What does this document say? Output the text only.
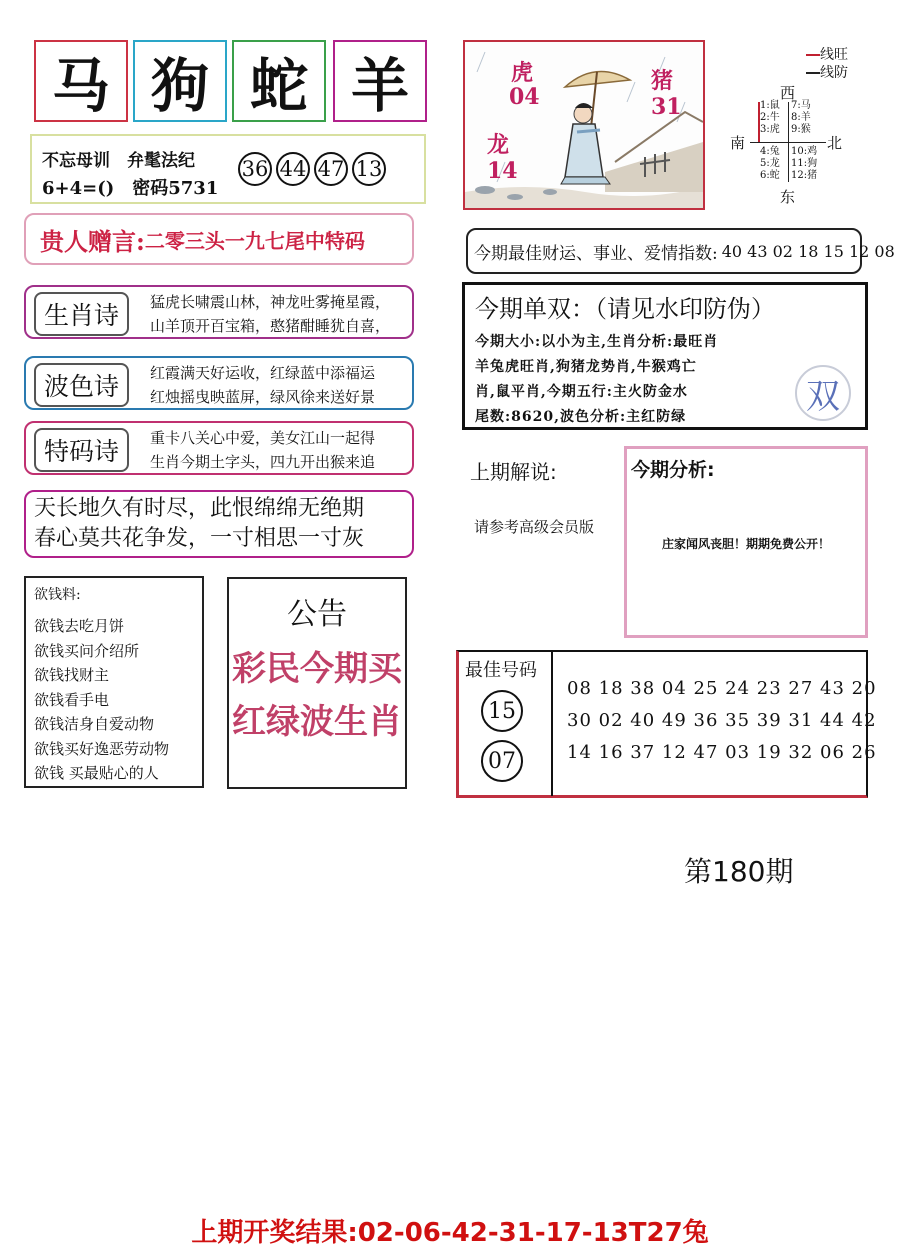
马 狗 蛇 羊
不忘母训　弁髦法纪
6+4=()　密码5731
36 44 47 13
贵人赠言: 二零三头一九七尾中特码
生肖诗	猛虎长啸震山林，神龙吐雾掩星霞，
山羊顶开百宝箱，憨猪酣睡犹自喜，
波色诗	红霞满天好运收，红绿蓝中添福运
红烛摇曳映蓝屏，绿风徐来送好景
特码诗	重卡八关心中爱，美女江山一起得
生肖今期土字头，四九开出猴来追
天长地久有时尽，此恨绵绵无绝期
春心莫共花争发，一寸相思一寸灰
欲钱料:
欲钱去吃月饼
欲钱买问介绍所
欲钱找财主
欲钱看手电
欲钱洁身自爱动物
欲钱买好逸恶劳动物
欲钱 买最贴心的人
公告
彩民今期买
红绿波生肖
虎
04
猪
31
龙
14
线旺
线防
西
南	北
东
1:鼠
2:牛
3:虎
7:马
8:羊
9:猴
4:兔
5:龙
6:蛇
10:鸡
11:狗
12:猪
今期最佳财运、事业、爱情指数: 40 43 02 18 15 12 08
今期单双：（请见水印防伪）
今期大小:以小为主,生肖分析:最旺肖
羊兔虎旺肖,狗猪龙势肖,牛猴鸡亡
肖,鼠平肖,今期五行:主火防金水
尾数:8620,波色分析:主红防绿
双
上期解说:
请参考高级会员版
今期分析:
庄家闻风丧胆！期期免费公开！
最佳号码
15
07
08 18 38 04 25 24 23 27 43 20
30 02 40 49 36 35 39 31 44 42
14 16 37 12 47 03 19 32 06 26
第180期
上期开奖结果:02-06-42-31-17-13T27兔
